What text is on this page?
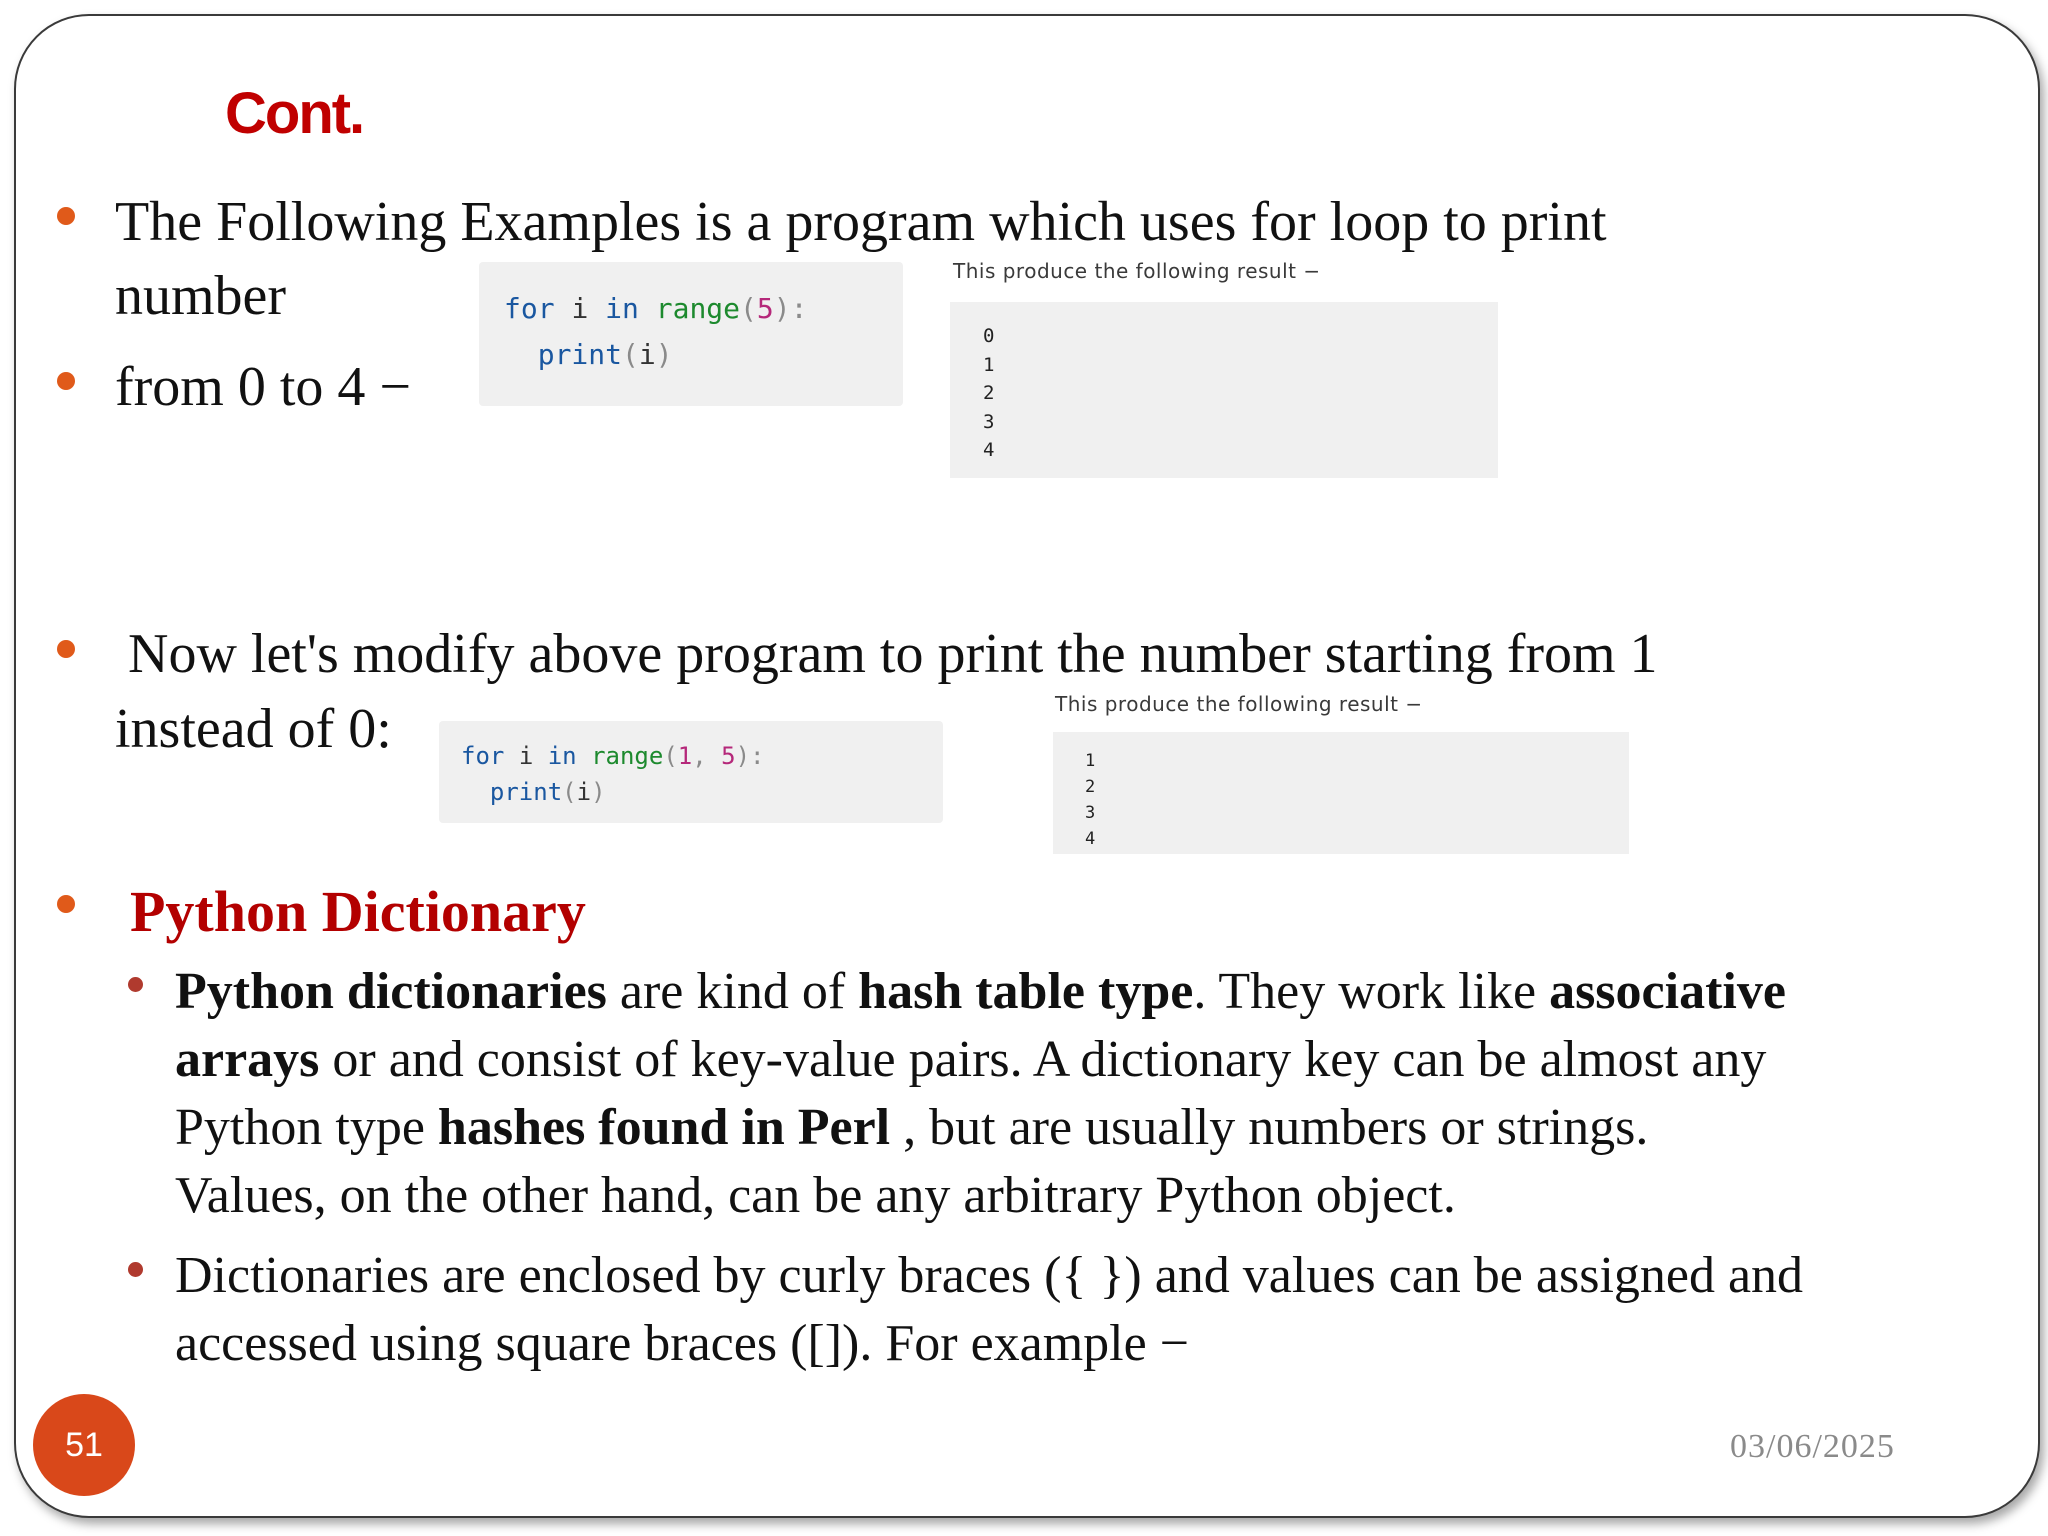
Cont.

The Following Examples is a program which uses for loop to print

number

from 0 to 4 −

for i in range(5):

print(i)

This produce the following result −

0

1

2

3

4

Now let's modify above program to print the number starting from 1

instead of 0:	for i in range(1, 5):

print(i)

This produce the following result −

1

2

3

4

Python Dictionary

Python dictionaries are kind of hash table type. They work like associative
arrays or and consist of key-value pairs. A dictionary key can be almost any
Python type hashes found in Perl , but are usually numbers or strings.
Values, on the other hand, can be any arbitrary Python object.

Dictionaries are enclosed by curly braces ({ }) and values can be assigned and
accessed using square braces ([]). For example −

51	03/06/2025
